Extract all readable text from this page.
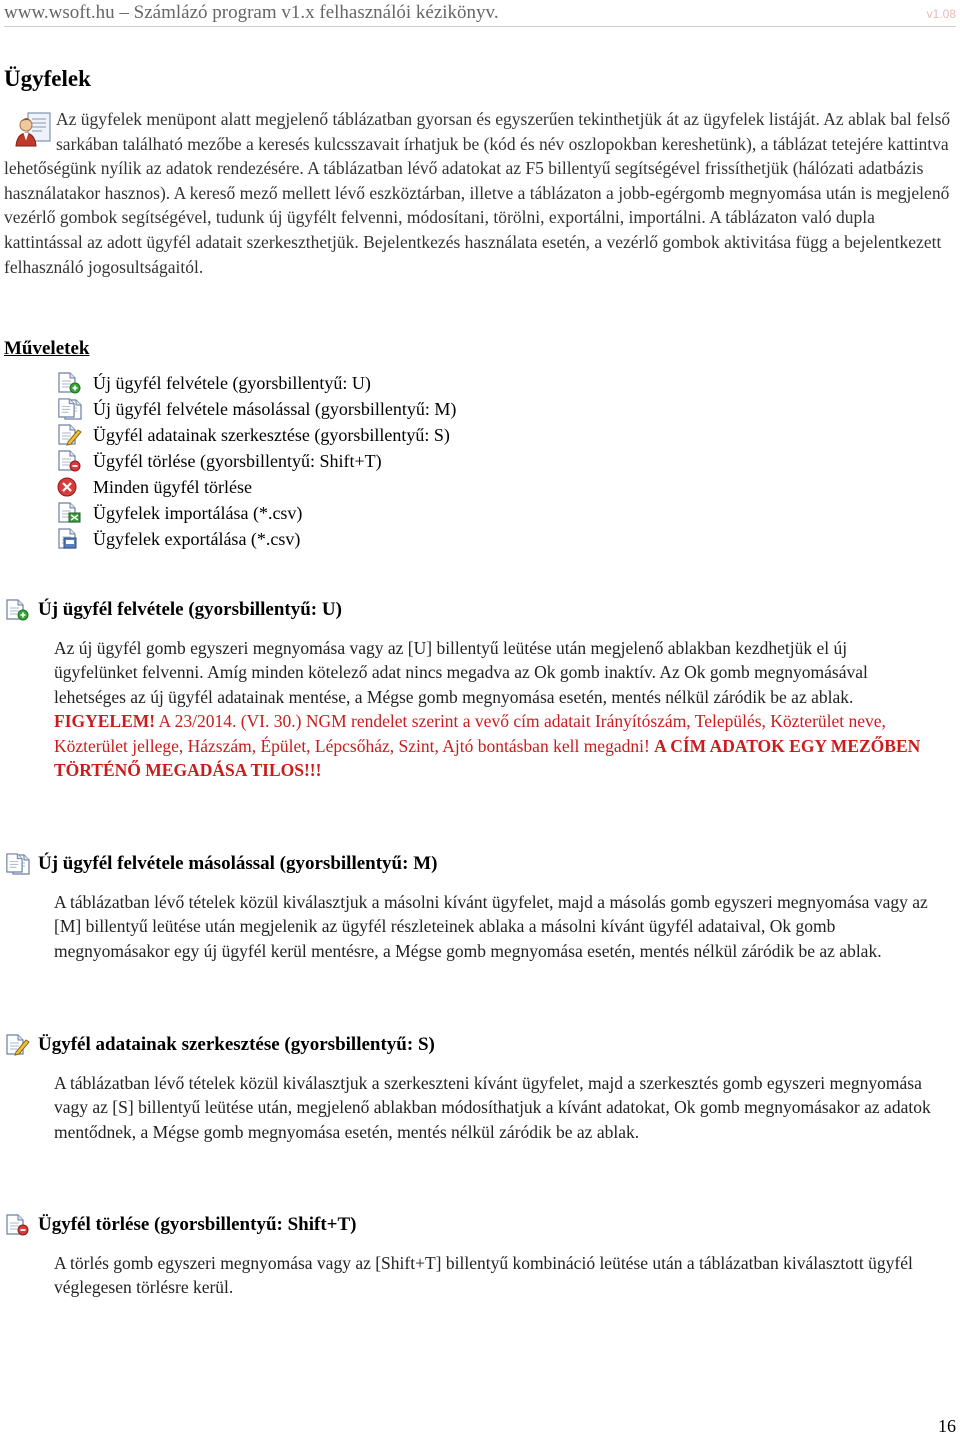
www.wsoft.hu – Számlázó program v1.x felhasználói kézikönyv.	v1.08
Ügyfelek
Az ügyfelek menüpont alatt megjelenő táblázatban gyorsan és egyszerűen tekinthetjük át az ügyfelek listáját. Az ablak bal felső sarkában található mezőbe a keresés kulcsszavait írhatjuk be (kód és név oszlopokban kereshetünk), a táblázat tetejére kattintva lehetőségünk nyílik az adatok rendezésére. A táblázatban lévő adatokat az F5 billentyű segítségével frissíthetjük (hálózati adatbázis használatakor hasznos). A kereső mező mellett lévő eszköztárban, illetve a táblázaton a jobb-egérgomb megnyomása után is megjelenő vezérlő gombok segítségével, tudunk új ügyfélt felvenni, módosítani, törölni, exportálni, importálni. A táblázaton való dupla kattintással az adott ügyfél adatait szerkeszthetjük. Bejelentkezés használata esetén, a vezérlő gombok aktivitása függ a bejelentkezett felhasználó jogosultságaitól.
Műveletek
Új ügyfél felvétele (gyorsbillentyű: U)
Új ügyfél felvétele másolással (gyorsbillentyű: M)
Ügyfél adatainak szerkesztése (gyorsbillentyű: S)
Ügyfél törlése (gyorsbillentyű: Shift+T)
Minden ügyfél törlése
Ügyfelek importálása (*.csv)
Ügyfelek exportálása (*.csv)
Új ügyfél felvétele (gyorsbillentyű: U)

Az új ügyfél gomb egyszeri megnyomása vagy az [U] billentyű leütése után megjelenő ablakban kezdhetjük el új ügyfelünket felvenni. Amíg minden kötelező adat nincs megadva az Ok gomb inaktív. Az Ok gomb megnyomásával lehetséges az új ügyfél adatainak mentése, a Mégse gomb megnyomása esetén, mentés nélkül záródik be az ablak. FIGYELEM! A 23/2014. (VI. 30.) NGM rendelet szerint a vevő cím adatait Irányítószám, Település, Közterület neve, Közterület jellege, Házszám, Épület, Lépcsőház, Szint, Ajtó bontásban kell megadni! A CÍM ADATOK EGY MEZŐBEN TÖRTÉNŐ MEGADÁSA TILOS!!!

Új ügyfél felvétele másolással (gyorsbillentyű: M)

A táblázatban lévő tételek közül kiválasztjuk a másolni kívánt ügyfelet, majd a másolás gomb egyszeri megnyomása vagy az [M] billentyű leütése után megjelenik az ügyfél részleteinek ablaka a másolni kívánt ügyfél adataival, Ok gomb megnyomásakor egy új ügyfél kerül mentésre, a Mégse gomb megnyomása esetén, mentés nélkül záródik be az ablak.

Ügyfél adatainak szerkesztése (gyorsbillentyű: S)

A táblázatban lévő tételek közül kiválasztjuk a szerkeszteni kívánt ügyfelet, majd a szerkesztés gomb egyszeri megnyomása vagy az [S] billentyű leütése után, megjelenő ablakban módosíthatjuk a kívánt adatokat, Ok gomb megnyomásakor az adatok mentődnek, a Mégse gomb megnyomása esetén, mentés nélkül záródik be az ablak.

Ügyfél törlése (gyorsbillentyű: Shift+T)

A törlés gomb egyszeri megnyomása vagy az [Shift+T] billentyű kombináció leütése után a táblázatban kiválasztott ügyfél véglegesen törlésre kerül.

16
